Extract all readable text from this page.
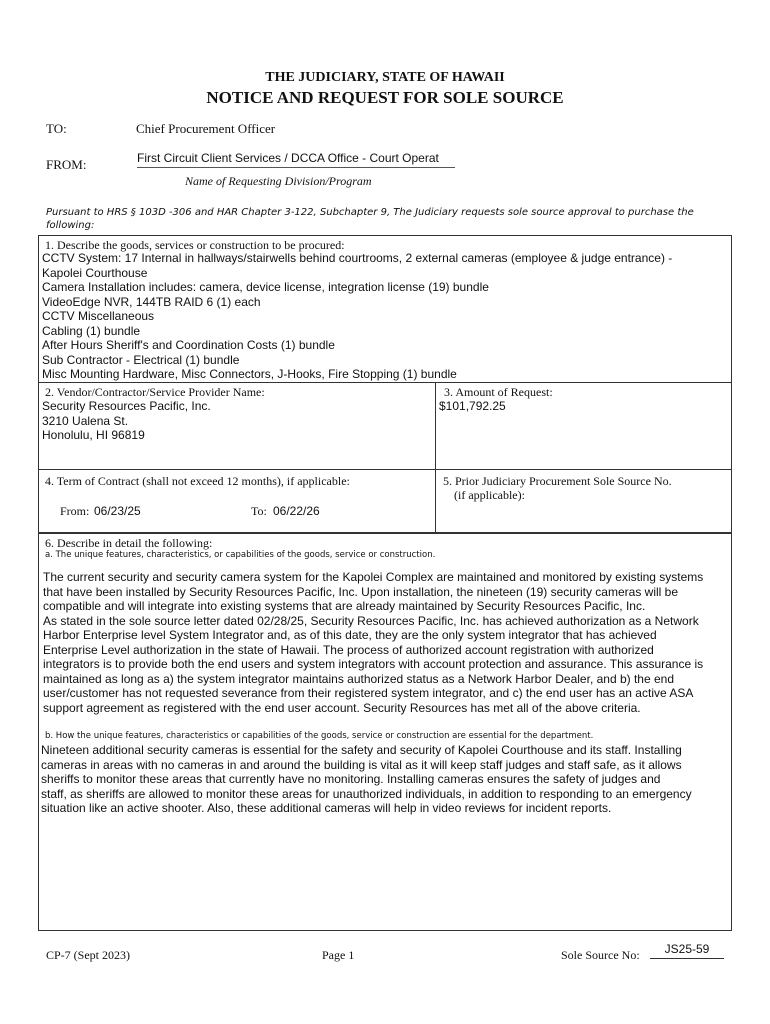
THE JUDICIARY, STATE OF HAWAII
NOTICE AND REQUEST FOR SOLE SOURCE
TO:	Chief Procurement Officer
FROM:
First Circuit Client Services / DCCA Office - Court Operat
Name of Requesting Division/Program
Pursuant to HRS § 103D -306 and HAR Chapter 3-122, Subchapter 9, The Judiciary requests sole source approval to purchase the following:
1. Describe the goods, services or construction to be procured:
CCTV System: 17 Internal in hallways/stairwells behind courtrooms, 2 external cameras (employee & judge entrance) -
Kapolei Courthouse
Camera Installation includes: camera, device license, integration license (19) bundle
VideoEdge NVR, 144TB RAID 6 (1) each
CCTV Miscellaneous
Cabling (1) bundle
After Hours Sheriff's and Coordination Costs (1) bundle
Sub Contractor - Electrical (1) bundle
Misc Mounting Hardware, Misc Connectors, J-Hooks, Fire Stopping (1) bundle
2. Vendor/Contractor/Service Provider Name:
Security Resources Pacific, Inc.
3210 Ualena St.
Honolulu, HI 96819
3. Amount of Request:
$101,792.25
4. Term of Contract (shall not exceed 12 months), if applicable:
From: 06/23/25	To: 06/22/26
5. Prior Judiciary Procurement Sole Source No.
(if applicable):
6. Describe in detail the following:
a. The unique features, characteristics, or capabilities of the goods, service or construction.
The current security and security camera system for the Kapolei Complex are maintained and monitored by existing systems
that have been installed by Security Resources Pacific, Inc. Upon installation, the nineteen (19) security cameras will be
compatible and will integrate into existing systems that are already maintained by Security Resources Pacific, Inc.
As stated in the sole source letter dated 02/28/25, Security Resources Pacific, Inc. has achieved authorization as a Network
Harbor Enterprise level System Integrator and, as of this date, they are the only system integrator that has achieved
Enterprise Level authorization in the state of Hawaii. The process of authorized account registration with authorized
integrators is to provide both the end users and system integrators with account protection and assurance. This assurance is
maintained as long as a) the system integrator maintains authorized status as a Network Harbor Dealer, and b) the end
user/customer has not requested severance from their registered system integrator, and c) the end user has an active ASA
support agreement as registered with the end user account. Security Resources has met all of the above criteria.
b. How the unique features, characteristics or capabilities of the goods, service or construction are essential for the department.
Nineteen additional security cameras is essential for the safety and security of Kapolei Courthouse and its staff. Installing
cameras in areas with no cameras in and around the building is vital as it will keep staff judges and staff safe, as it allows
sheriffs to monitor these areas that currently have no monitoring. Installing cameras ensures the safety of judges and
staff, as sheriffs are allowed to monitor these areas for unauthorized individuals, in addition to responding to an emergency
situation like an active shooter. Also, these additional cameras will help in video reviews for incident reports.
CP-7 (Sept 2023)	Page 1	Sole Source No:
JS25-59
